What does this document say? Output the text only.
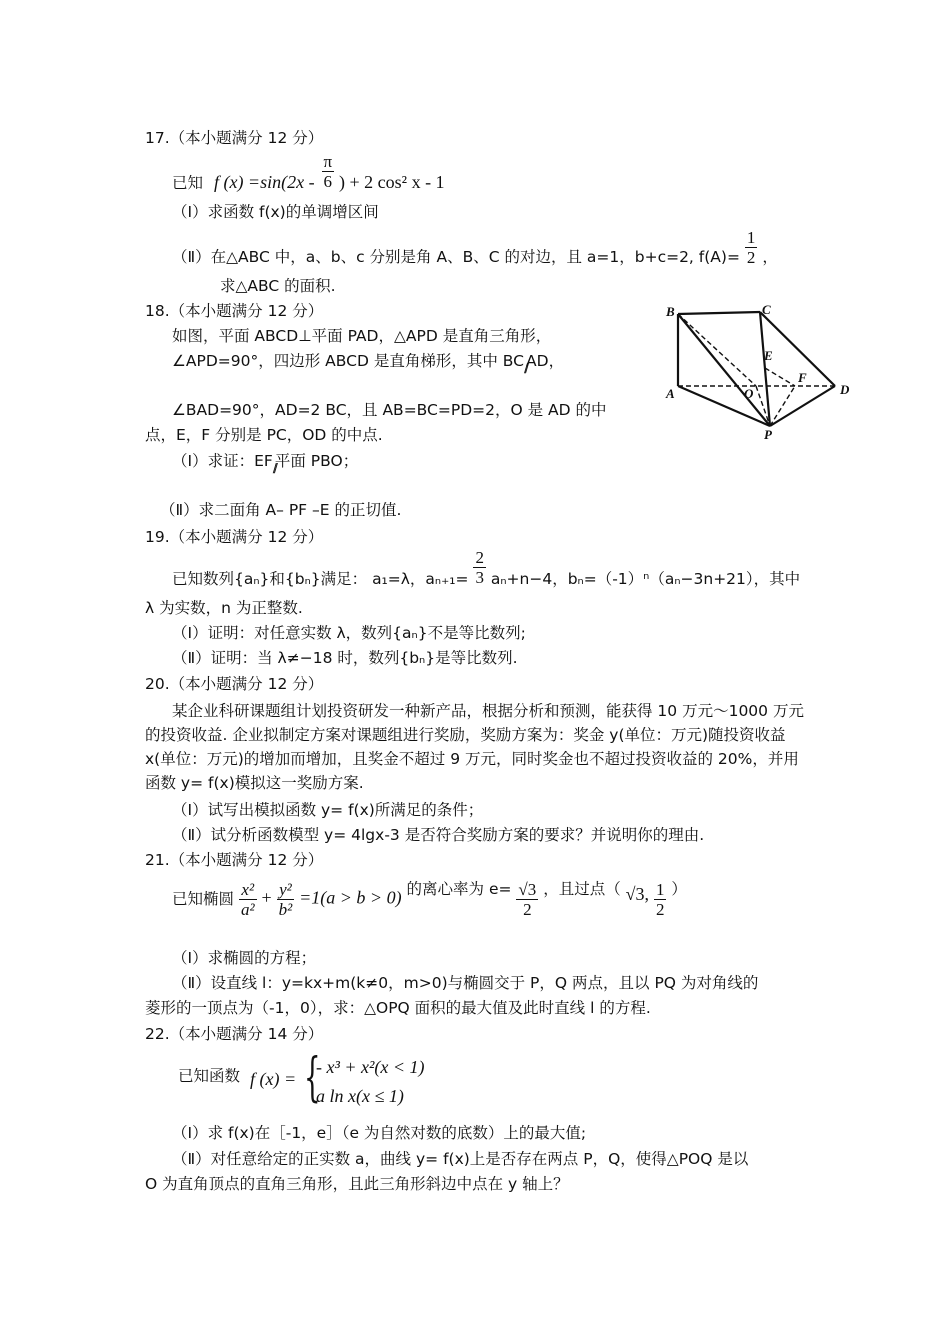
17.（本小题满分 12 分）
已知 f $(x) =\sin(2x - \frac{\pi}{6}$ ) + 2 cos² x - 1
（Ⅰ）求函数 f(x)的单调增区间
（Ⅱ）在△ABC 中，a、b、c 分别是角 A、B、C 的对边，且 a=1，b+c=2, $f(A)= \frac{1}{2}$ ，
求△ABC 的面积.
18.（本小题满分 12 分）
如图，平面 ABCD⊥平面 PAD，△APD 是直角三角形，
∠APD=90°，四边形 ABCD 是直角梯形，其中 BC//AD，
∠BAD=90°，AD=2 BC，且 AB=BC=PD=2，O 是 AD 的中
点，E，F 分别是 PC，OD 的中点.
（Ⅰ）求证：EF//平面 PBO；
（Ⅱ）求二面角 A– PF –E 的正切值.
B	C
A	D
O
E
F
P
19.（本小题满分 12 分）
已知数列{aₙ}和{bₙ}满足： a₁=λ，$a_{n+1}= \frac{2}{3} a_n+n-4$，bₙ=（-1）ⁿ（aₙ−3n+21），其中
λ 为实数，n 为正整数.
（Ⅰ）证明：对任意实数 λ，数列{aₙ}不是等比数列;
（Ⅱ）证明：当 λ≠−18 时，数列{bₙ}是等比数列.
20.（本小题满分 12 分）
某企业科研课题组计划投资研发一种新产品，根据分析和预测，能获得 10 万元～1000 万元的投资收益. 企业拟制定方案对课题组进行奖励，奖励方案为：奖金 y(单位：万元)随投资收益 x(单位：万元)的增加而增加，且奖金不超过 9 万元，同时奖金也不超过投资收益的 20%，并用函数 y= f(x)模拟这一奖励方案.
（Ⅰ）试写出模拟函数 y= f(x)所满足的条件；
（Ⅱ）试分析函数模型 y= 4lgx-3 是否符合奖励方案的要求？并说明你的理由.
21.（本小题满分 12 分）
已知椭圆 $\frac{\text{x²}}{\text{a²}} + \frac{\text{y²}}{\text{b²}} =1(a > b > 0)$ 的离心率为 $e= \frac{√3}{2}$ ，且过点（ √3, $\frac{1}{2}$ ）
（Ⅰ）求椭圆的方程；
（Ⅱ）设直线 l：y=kx+m(k≠0，m>0)与椭圆交于 P，Q 两点，且以 PQ 为对角线的
菱形的一顶点为（-1，0），求：△OPQ 面积的最大值及此时直线 l 的方程.
22.（本小题满分 14 分）
已知函数 f (x) = {
- x³ + x²(x < 1)
a ln x(x ≤ 1)
（Ⅰ）求 f(x)在［-1，e］（e 为自然对数的底数）上的最大值;
（Ⅱ）对任意给定的正实数 a，曲线 y= f(x)上是否存在两点 P，Q，使得△POQ 是以
O 为直角顶点的直角三角形，且此三角形斜边中点在 y 轴上？
